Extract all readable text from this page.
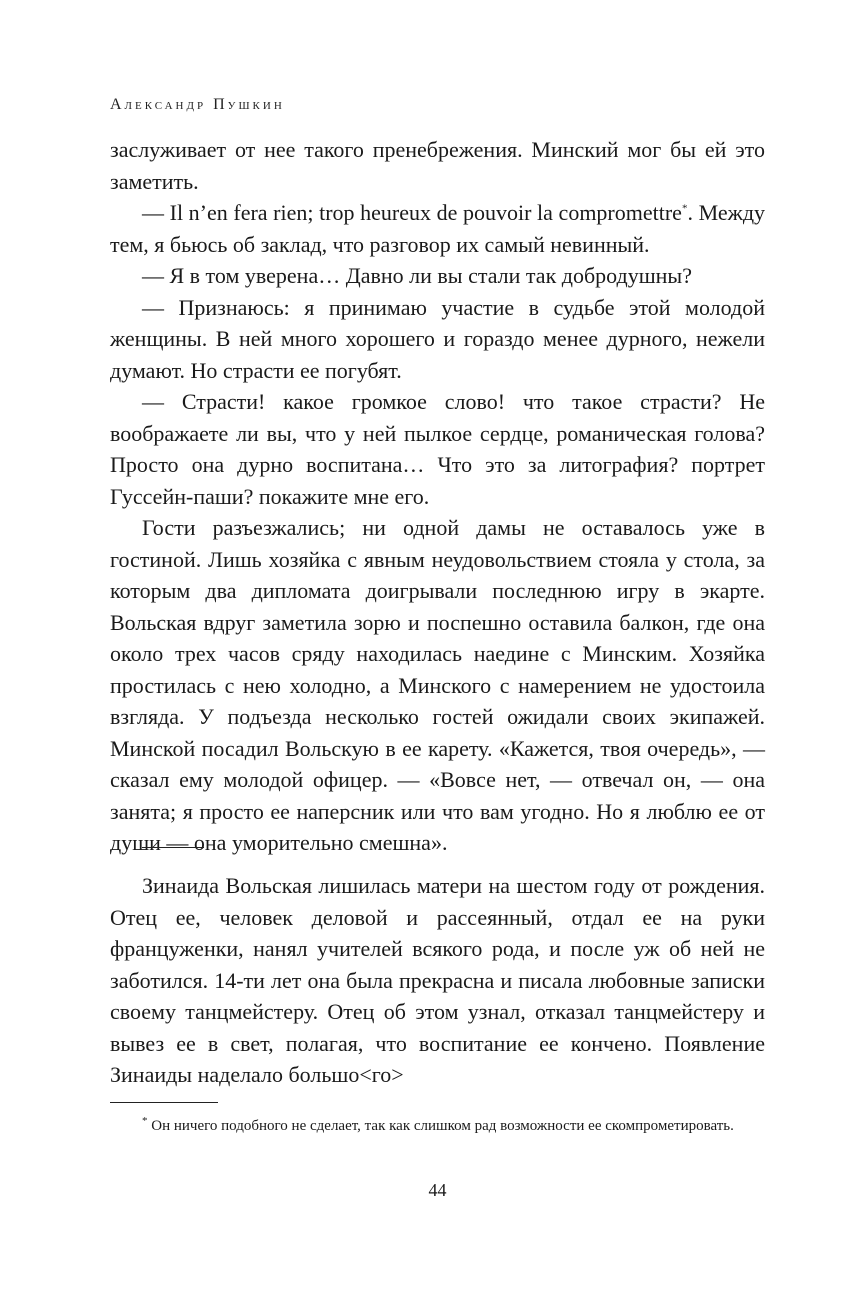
Александр Пушкин

заслуживает от нее такого пренебрежения. Минский мог бы ей это заметить.

— Il n’en fera rien; trop heureux de pouvoir la compromettre*. Между тем, я бьюсь об заклад, что разговор их самый невинный.

— Я в том уверена… Давно ли вы стали так добродушны?

— Признаюсь: я принимаю участие в судьбе этой молодой женщины. В ней много хорошего и гораздо менее дурного, нежели думают. Но страсти ее погубят.

— Страсти! какое громкое слово! что такое страсти? Не воображаете ли вы, что у ней пылкое сердце, романическая голова? Просто она дурно воспитана… Что это за литография? портрет Гуссейн-паши? покажите мне его.

Гости разъезжались; ни одной дамы не оставалось уже в гостиной. Лишь хозяйка с явным неудовольствием стояла у стола, за которым два дипломата доигрывали последнюю игру в экарте. Вольская вдруг заметила зорю и поспешно оставила балкон, где она около трех часов сряду находилась наедине с Минским. Хозяйка простилась с нею холодно, а Минского с намерением не удостоила взгляда. У подъезда несколько гостей ожидали своих экипажей. Минской посадил Вольскую в ее карету. «Кажется, твоя очередь», — сказал ему молодой офицер. — «Вовсе нет, — отвечал он, — она занята; я просто ее наперсник или что вам угодно. Но я люблю ее от души — она уморительно смешна».

Зинаида Вольская лишилась матери на шестом году от рождения. Отец ее, человек деловой и рассеянный, отдал ее на руки француженки, нанял учителей всякого рода, и после уж об ней не заботился. 14-ти лет она была прекрасна и писала любовные записки своему танцмейстеру. Отец об этом узнал, отказал танцмейстеру и вывез ее в свет, полагая, что воспитание ее кончено. Появление Зинаиды наделало большо<го>

* Он ничего подобного не сделает, так как слишком рад возможности ее скомпрометировать.
44
